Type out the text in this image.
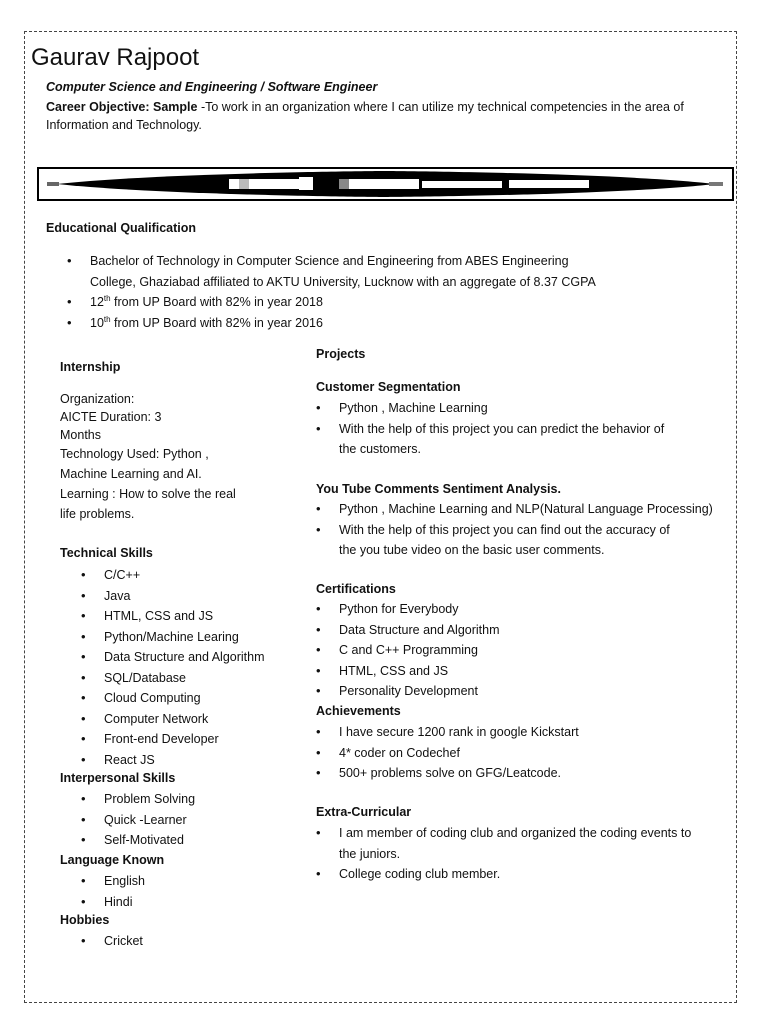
Gaurav Rajpoot
Computer Science and Engineering / Software Engineer
Career Objective: Sample -To work in an organization where I can utilize my technical competencies in the area of Information and Technology.
Educational Qualification
• Bachelor of Technology in Computer Science and Engineering from ABES Engineering
College, Ghaziabad affiliated to AKTU University, Lucknow with an aggregate of 8.37 CGPA
• 12th from UP Board with 82% in year 2018
• 10th from UP Board with 82% in year 2016
Internship
Organization:
AICTE Duration: 3
Months
Technology Used: Python ,
Machine Learning and AI.
Learning : How to solve the real
life problems.
Technical Skills
• C/C++
• Java
• HTML, CSS and JS
• Python/Machine Learing
• Data Structure and Algorithm
• SQL/Database
• Cloud Computing
• Computer Network
• Front-end Developer
• React JS
Interpersonal Skills
• Problem Solving
• Quick -Learner
• Self-Motivated
Language Known
• English
• Hindi
Hobbies
• Cricket
Projects
Customer Segmentation
• Python , Machine Learning
• With the help of this project you can predict the behavior of the customers.
You Tube Comments Sentiment Analysis.
• Python , Machine Learning and NLP(Natural Language Processing)
• With the help of this project you can find out the accuracy of the you tube video on the basic user comments.
Certifications
• Python for Everybody
• Data Structure and Algorithm
• C and C++ Programming
• HTML, CSS and JS
• Personality Development
Achievements
• I have secure 1200 rank in google Kickstart
• 4* coder on Codechef
• 500+ problems solve on GFG/Leatcode.
Extra-Curricular
• I am member of coding club and organized the coding events to the juniors.
• College coding club member.
